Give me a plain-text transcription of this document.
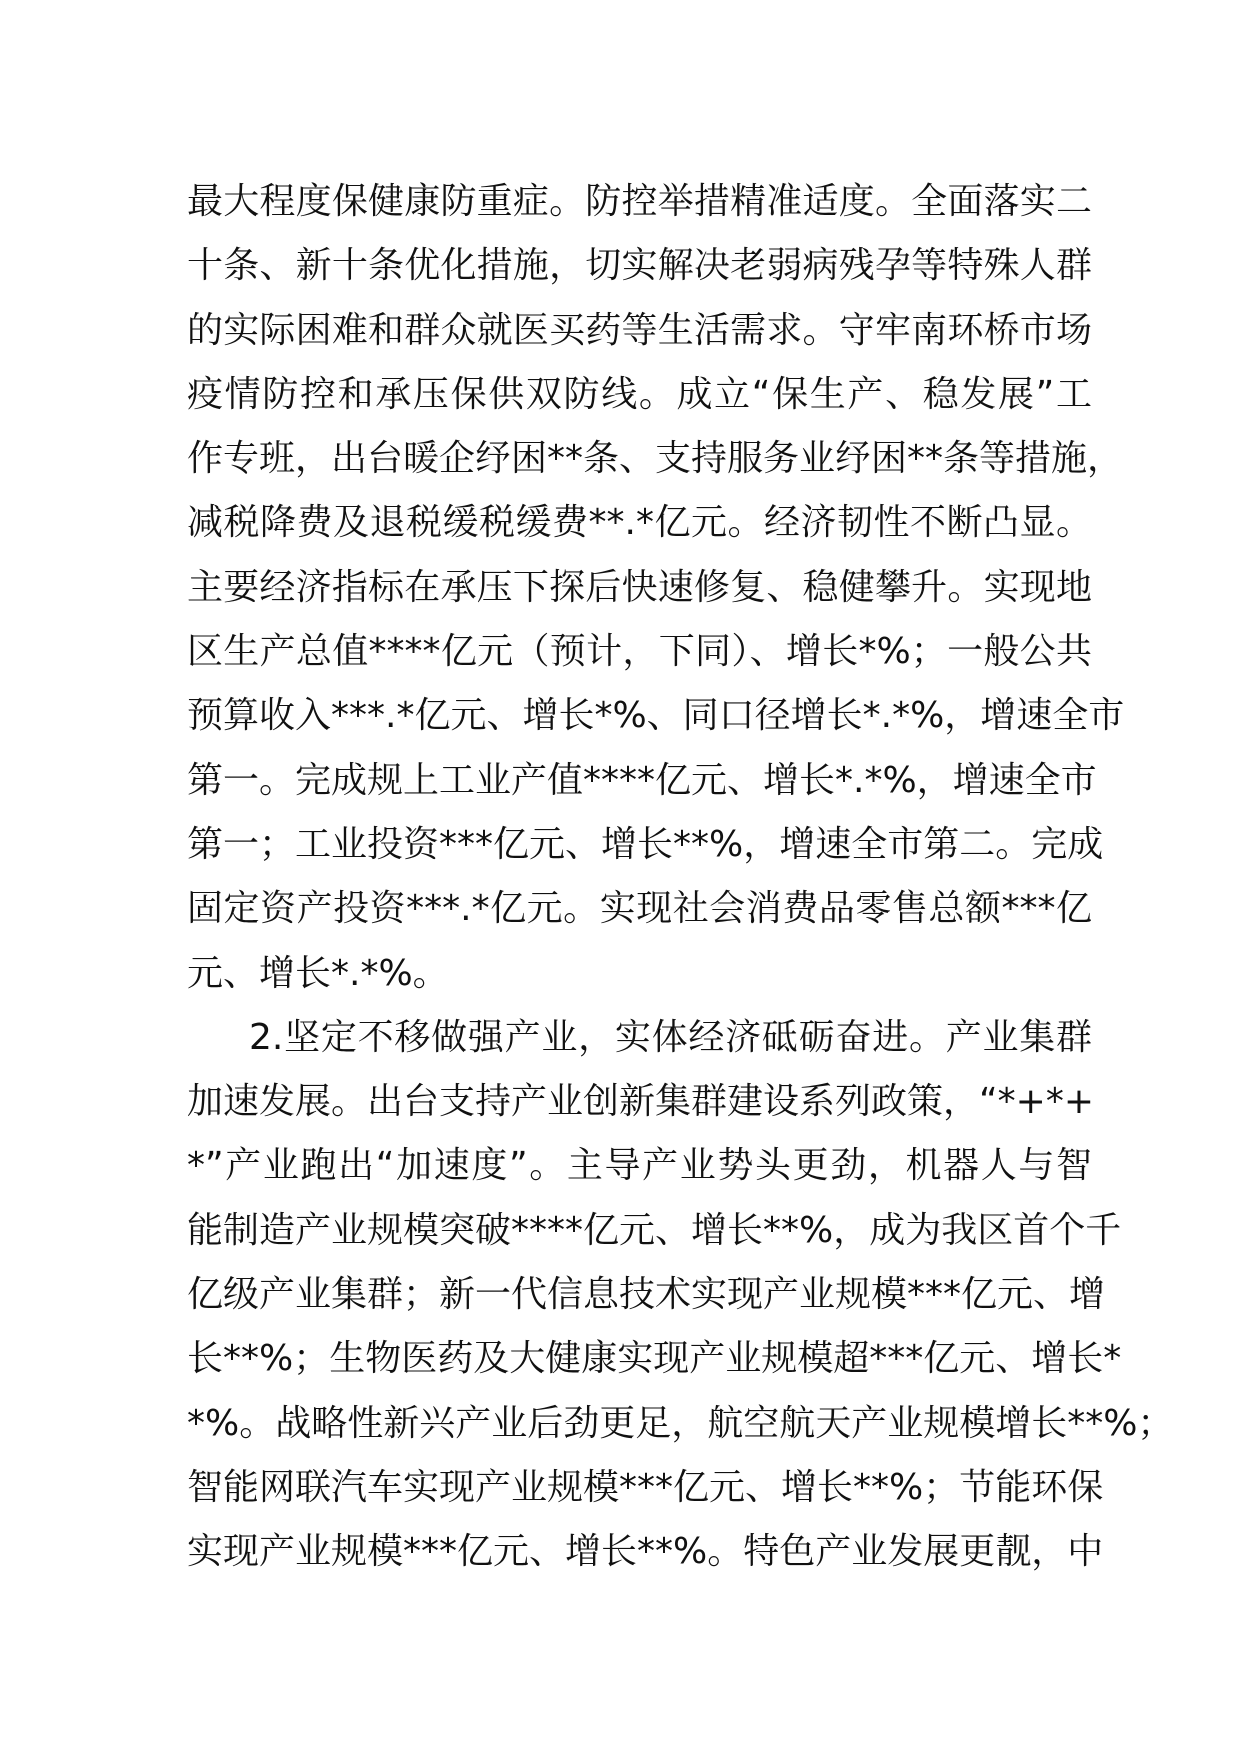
最大程度保健康防重症。防控举措精准适度。全面落实二
十条、新十条优化措施，切实解决老弱病残孕等特殊人群
的实际困难和群众就医买药等生活需求。守牢南环桥市场
疫情防控和承压保供双防线。成立“保生产、稳发展”工
作专班，出台暖企纾困**条、支持服务业纾困**条等措施，
减税降费及退税缓税缓费**.*亿元。经济韧性不断凸显。
主要经济指标在承压下探后快速修复、稳健攀升。实现地
区生产总值****亿元（预计，下同）、增长*%；一般公共
预算收入***.*亿元、增长*%、同口径增长*.*%，增速全市
第一。完成规上工业产值****亿元、增长*.*%，增速全市
第一；工业投资***亿元、增长**%，增速全市第二。完成
固定资产投资***.*亿元。实现社会消费品零售总额***亿
元、增长*.*%。
2.坚定不移做强产业，实体经济砥砺奋进。产业集群
加速发展。出台支持产业创新集群建设系列政策，“*+*+
*”产业跑出“加速度”。主导产业势头更劲，机器人与智
能制造产业规模突破****亿元、增长**%，成为我区首个千
亿级产业集群；新一代信息技术实现产业规模***亿元、增
长**%；生物医药及大健康实现产业规模超***亿元、增长*
*%。战略性新兴产业后劲更足，航空航天产业规模增长**%；
智能网联汽车实现产业规模***亿元、增长**%；节能环保
实现产业规模***亿元、增长**%。特色产业发展更靓，中
